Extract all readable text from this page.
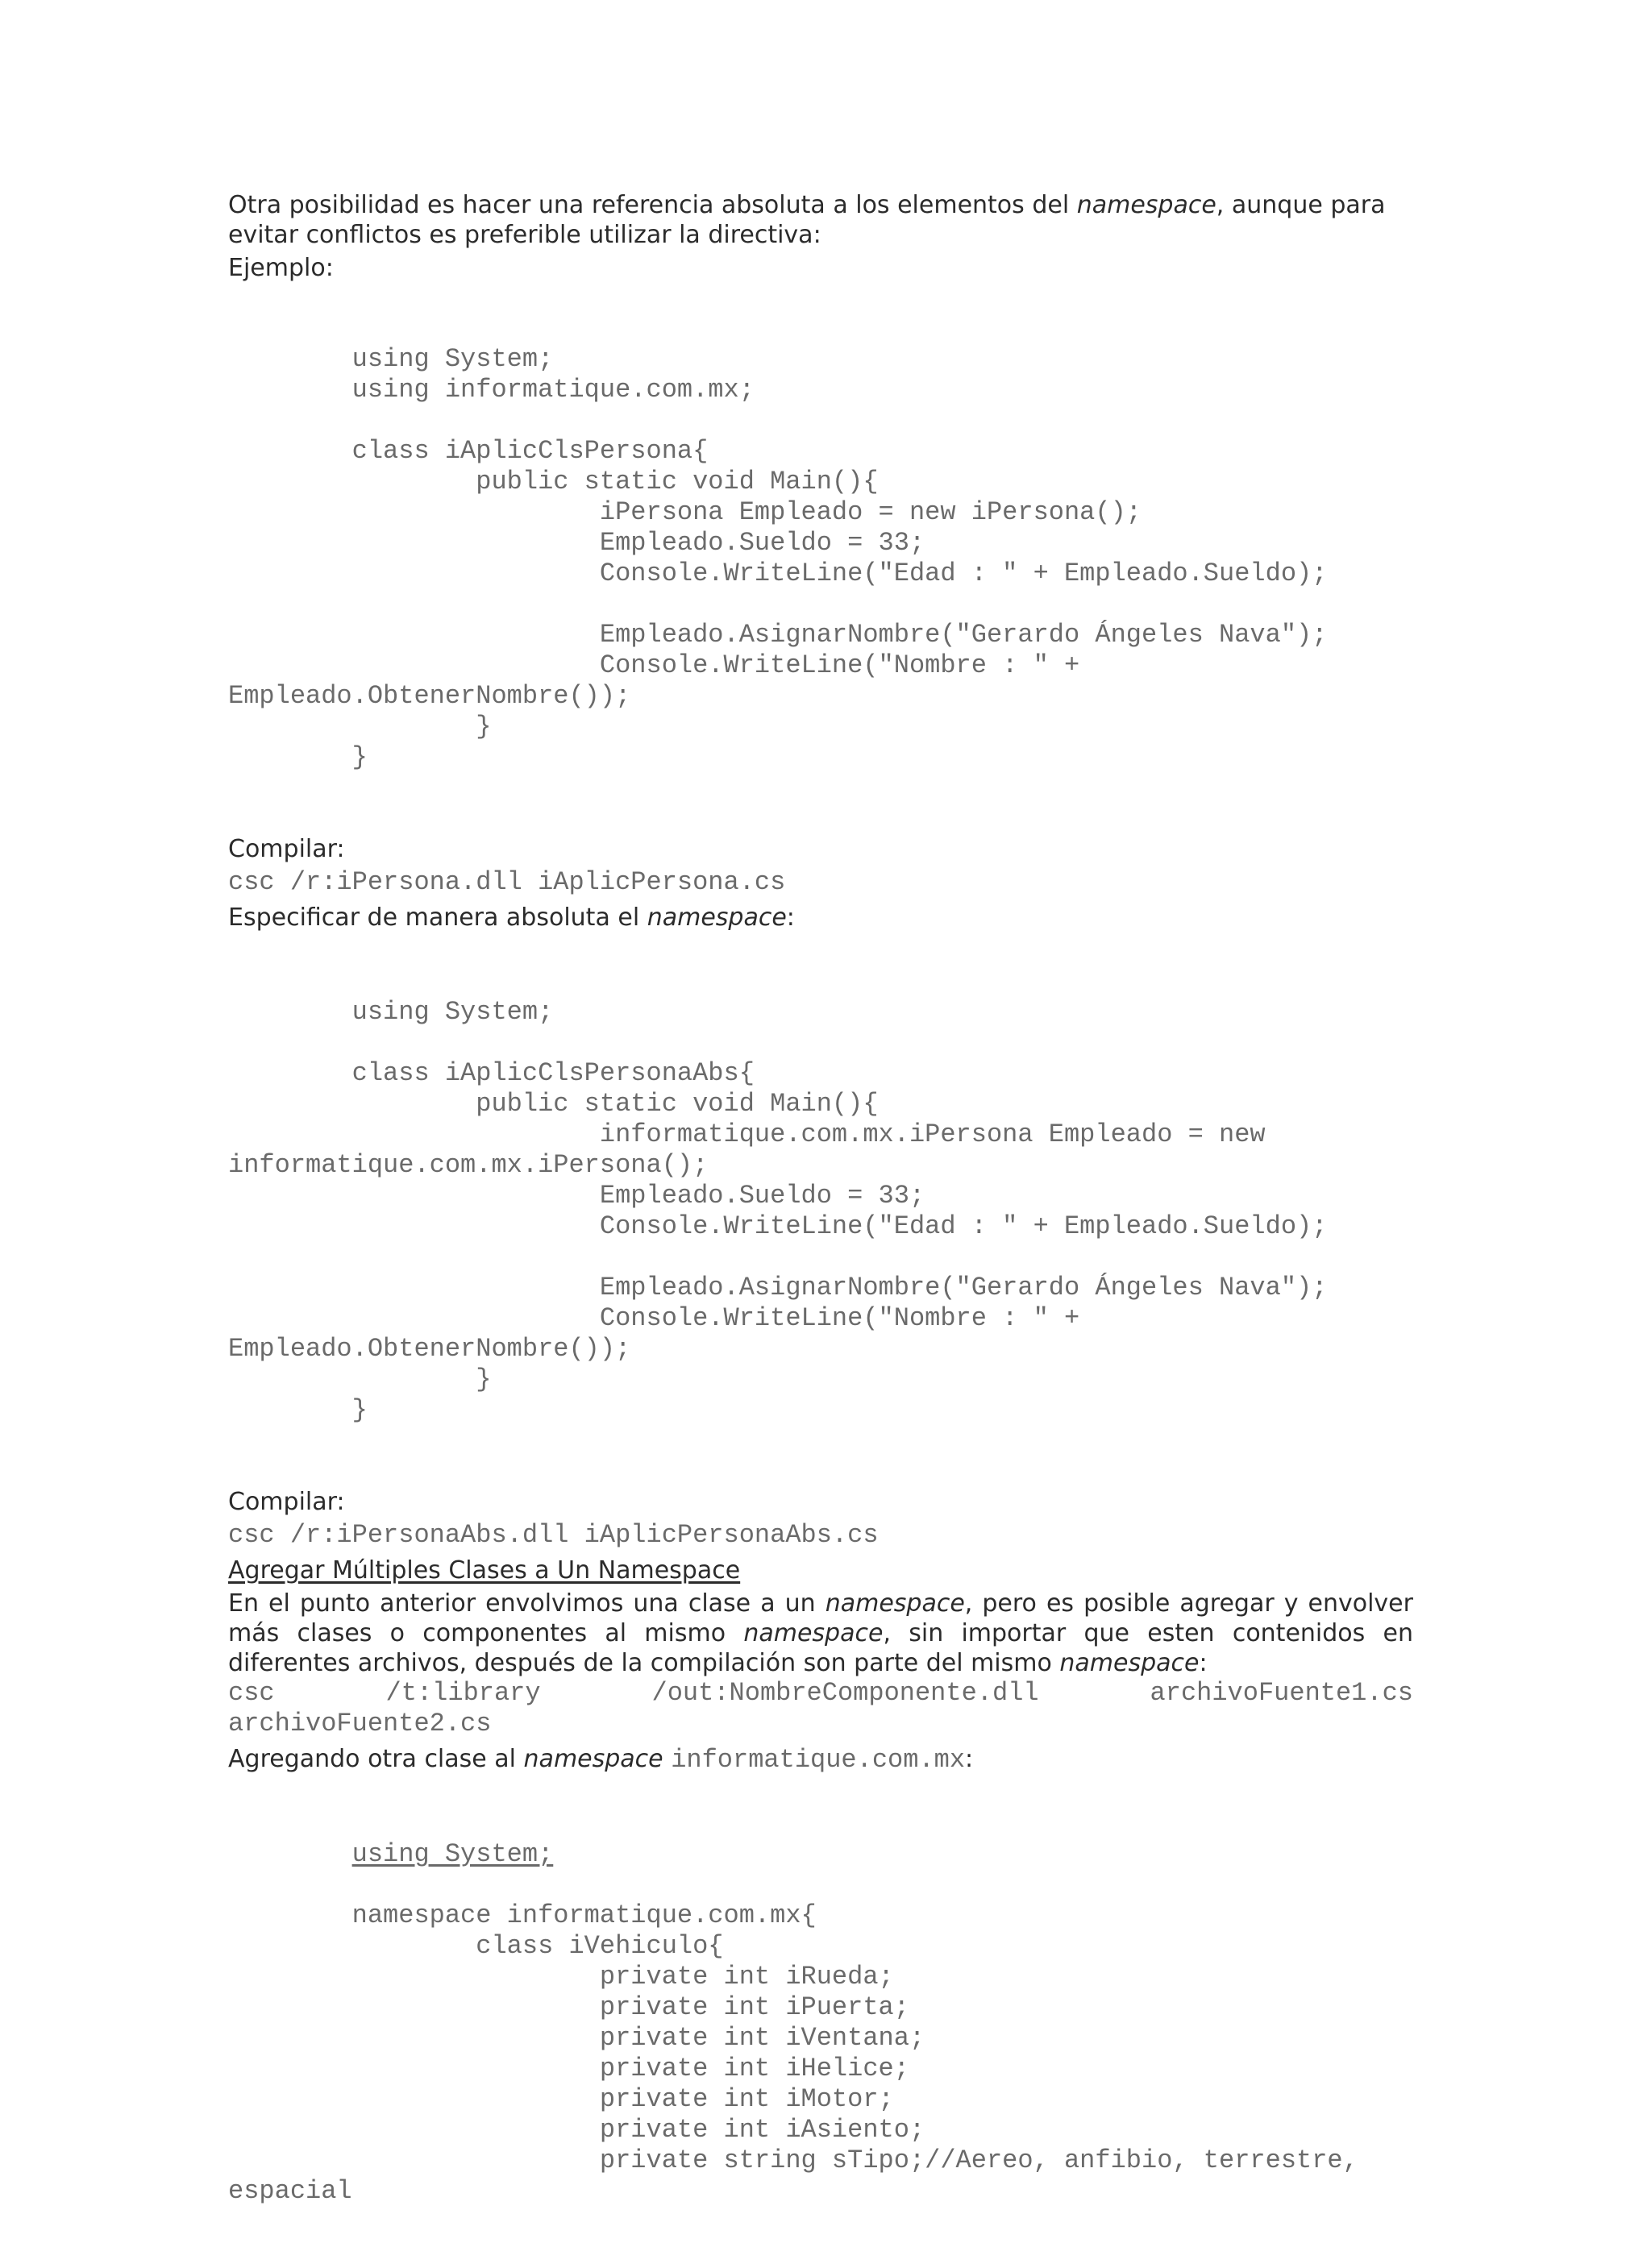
Otra posibilidad es hacer una referencia absoluta a los elementos del namespace, aunque para evitar conflictos es preferible utilizar la directiva:

Ejemplo:

using System;
using informatique.com.mx;
class iAplicClsPersona{
public static void Main(){
iPersona Empleado = new iPersona();
Empleado.Sueldo = 33;
Console.WriteLine("Edad : " + Empleado.Sueldo);
Empleado.AsignarNombre("Gerardo Ángeles Nava");
Console.WriteLine("Nombre : " +
Empleado.ObtenerNombre());
}
}

Compilar:

csc /r:iPersona.dll iAplicPersona.cs

Especificar de manera absoluta el namespace:

using System;
class iAplicClsPersonaAbs{
public static void Main(){
informatique.com.mx.iPersona Empleado = new
informatique.com.mx.iPersona();
Empleado.Sueldo = 33;
Console.WriteLine("Edad : " + Empleado.Sueldo);
Empleado.AsignarNombre("Gerardo Ángeles Nava");
Console.WriteLine("Nombre : " +
Empleado.ObtenerNombre());
}
}

Compilar:

csc /r:iPersonaAbs.dll iAplicPersonaAbs.cs

Agregar Múltiples Clases a Un Namespace

En el punto anterior envolvimos una clase a un namespace, pero es posible agregar y envolver más clases o componentes al mismo namespace, sin importar que esten contenidos en diferentes archivos, después de la compilación son parte del mismo namespace:

csc	/t:library	/out:NombreComponente.dll	archivoFuente1.cs
archivoFuente2.cs

Agregando otra clase al namespace informatique.com.mx:

using System;
namespace informatique.com.mx{
class iVehiculo{
private int iRueda;
private int iPuerta;
private int iVentana;
private int iHelice;
private int iMotor;
private int iAsiento;
private string sTipo;//Aereo, anfibio, terrestre,
espacial
